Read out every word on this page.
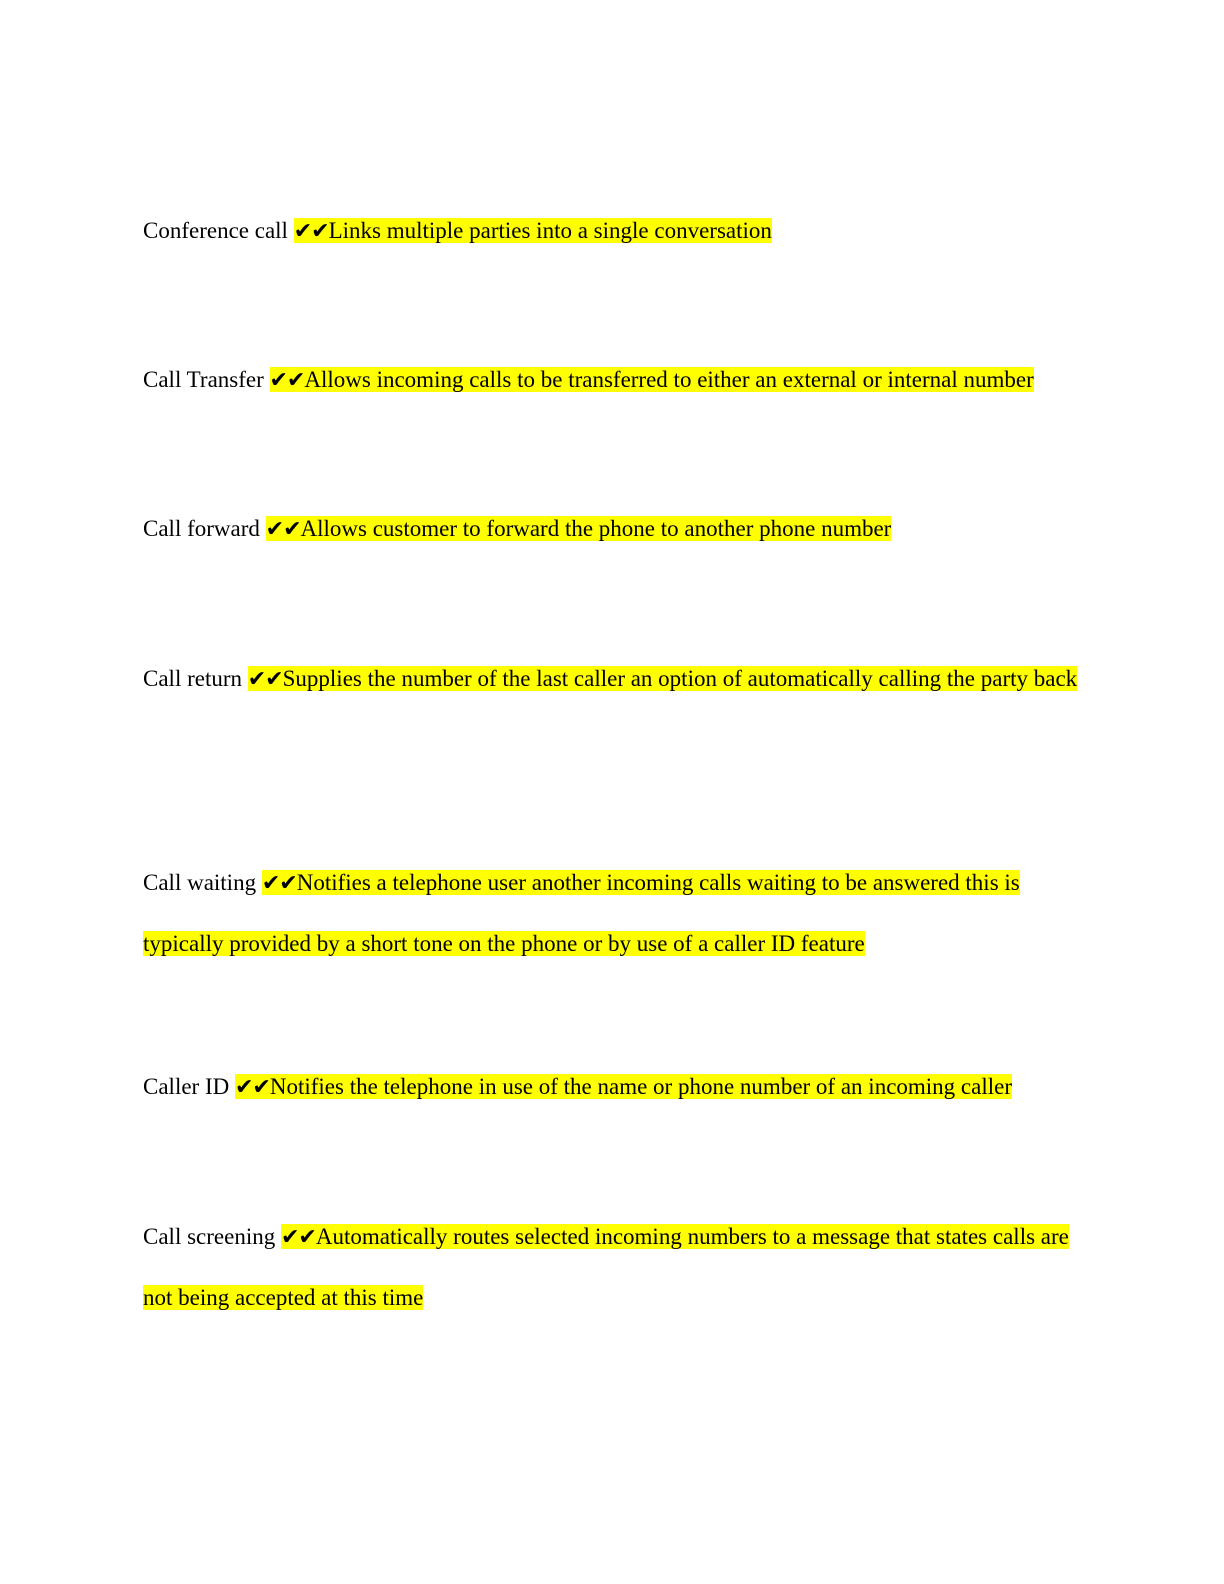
Conference call ✔✔Links multiple parties into a single conversation

Call Transfer ✔✔Allows incoming calls to be transferred to either an external or internal number

Call forward ✔✔Allows customer to forward the phone to another phone number

Call return ✔✔Supplies the number of the last caller an option of automatically calling the party back

Call waiting ✔✔Notifies a telephone user another incoming calls waiting to be answered this is typically provided by a short tone on the phone or by use of a caller ID feature

Caller ID ✔✔Notifies the telephone in use of the name or phone number of an incoming caller

Call screening ✔✔Automatically routes selected incoming numbers to a message that states calls are not being accepted at this time
